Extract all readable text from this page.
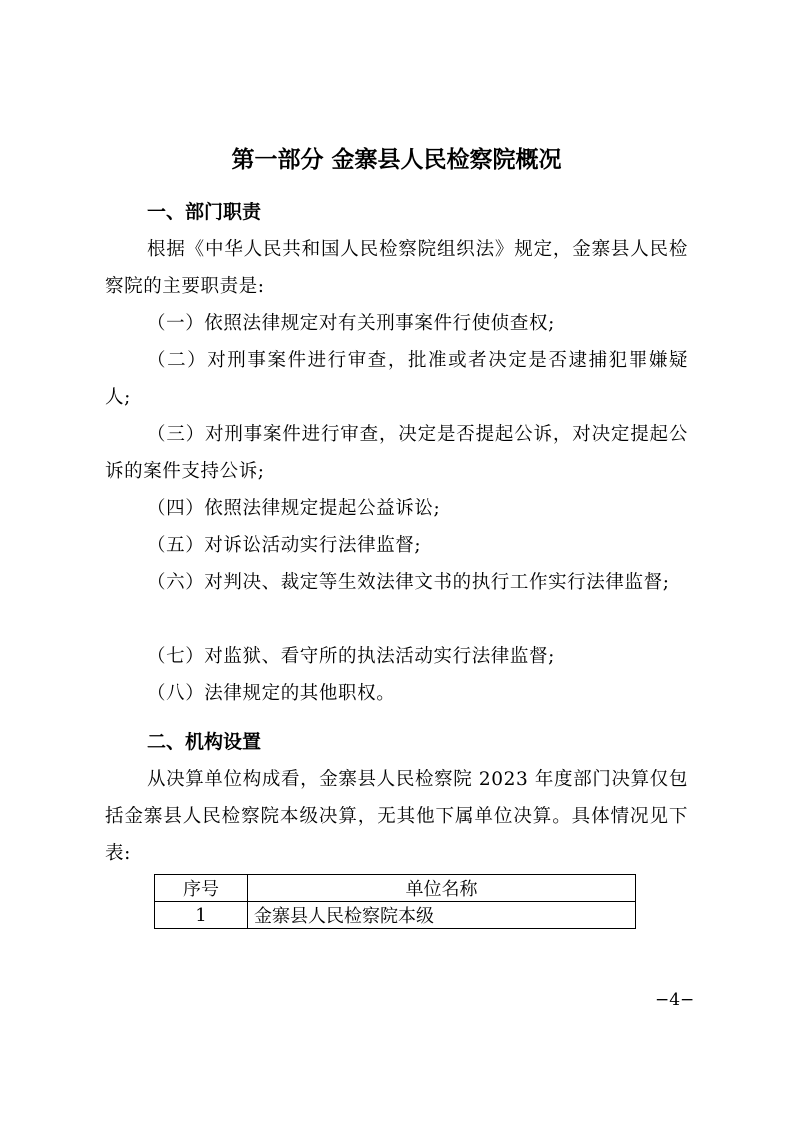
第一部分 金寨县人民检察院概况
一、部门职责

根据《中华人民共和国人民检察院组织法》规定，金寨县人民检察院的主要职责是:

（一）依照法律规定对有关刑事案件行使侦查权;

（二）对刑事案件进行审查，批准或者决定是否逮捕犯罪嫌疑人;

（三）对刑事案件进行审查，决定是否提起公诉，对决定提起公诉的案件支持公诉;

（四）依照法律规定提起公益诉讼;

（五）对诉讼活动实行法律监督;

（六）对判决、裁定等生效法律文书的执行工作实行法律监督;

（七）对监狱、看守所的执法活动实行法律监督;

（八）法律规定的其他职权。

二、机构设置

从决算单位构成看，金寨县人民检察院 2023 年度部门决算仅包括金寨县人民检察院本级决算，无其他下属单位决算。具体情况见下表:

序号	单位名称
1	金寨县人民检察院本级
−4−
